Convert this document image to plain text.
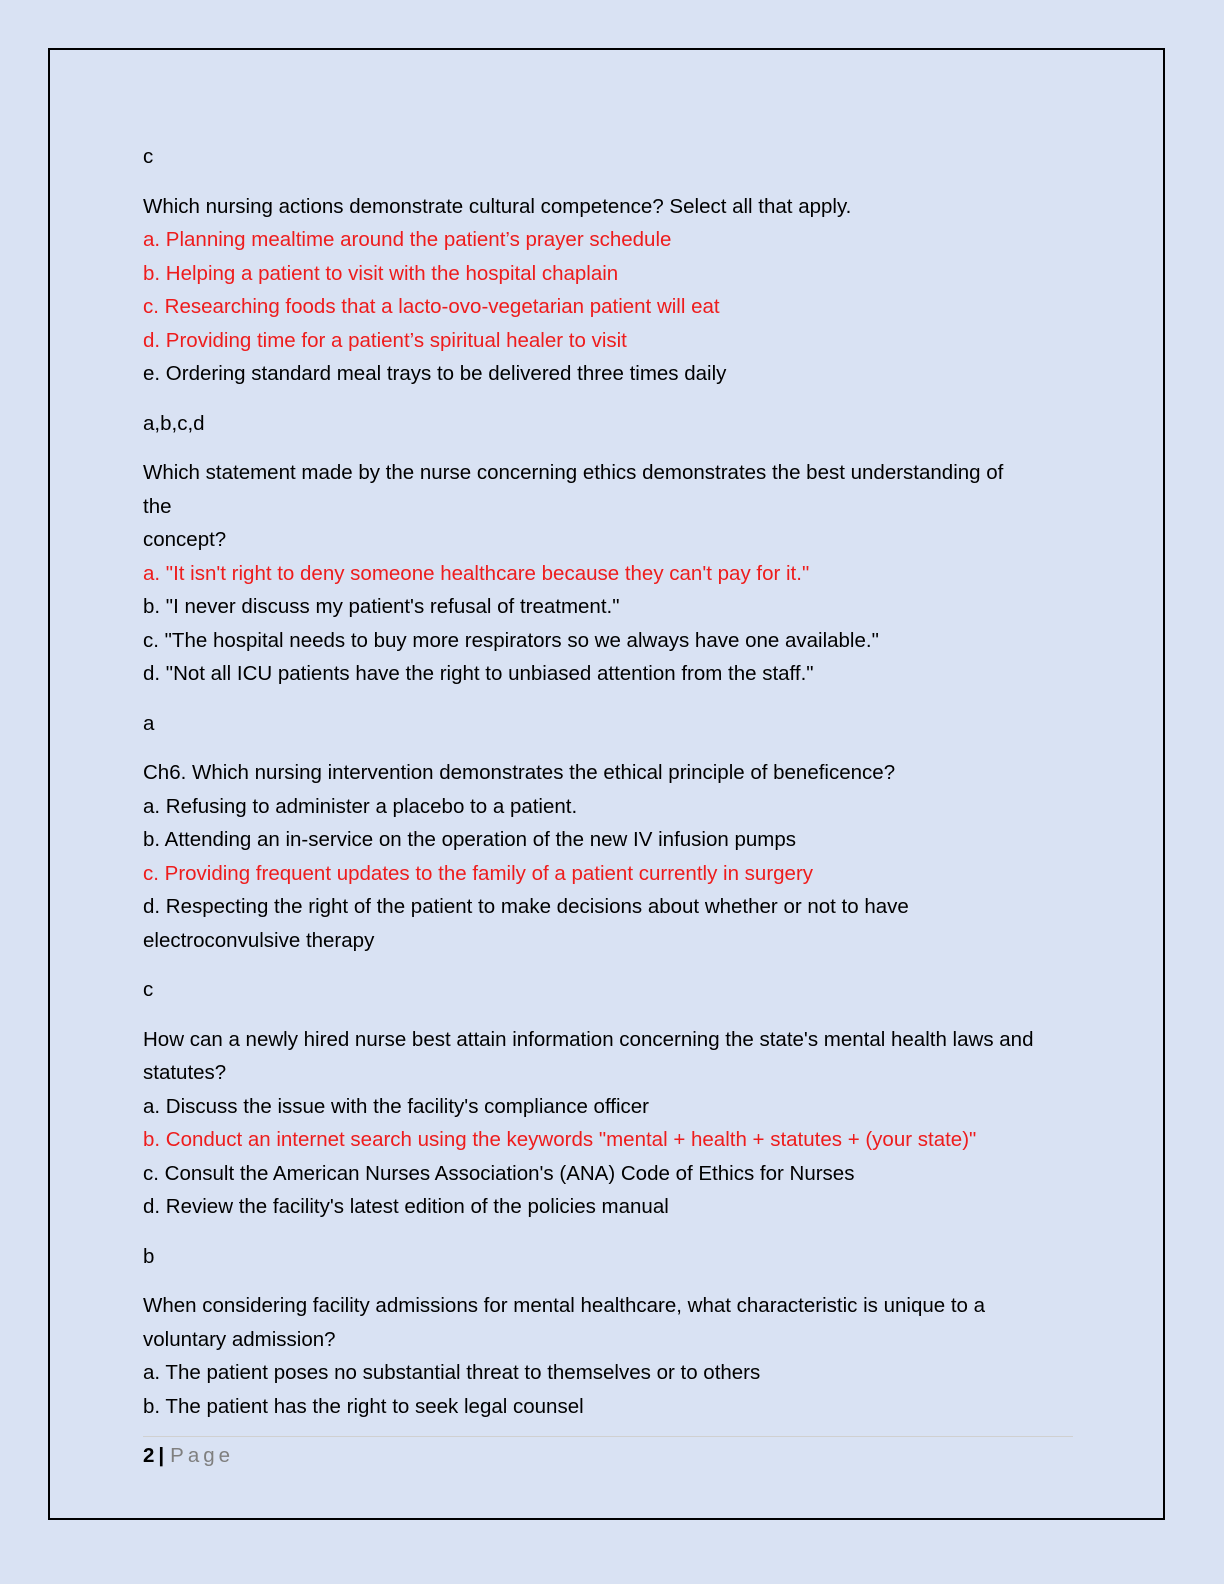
c

Which nursing actions demonstrate cultural competence? Select all that apply.

a. Planning mealtime around the patient’s prayer schedule

b. Helping a patient to visit with the hospital chaplain

c. Researching foods that a lacto-ovo-vegetarian patient will eat

d. Providing time for a patient’s spiritual healer to visit

e. Ordering standard meal trays to be delivered three times daily

a,b,c,d

Which statement made by the nurse concerning ethics demonstrates the best understanding of

the

concept?

a. "It isn't right to deny someone healthcare because they can't pay for it."

b. "I never discuss my patient's refusal of treatment."

c. "The hospital needs to buy more respirators so we always have one available."

d. "Not all ICU patients have the right to unbiased attention from the staff."

a

Ch6. Which nursing intervention demonstrates the ethical principle of beneficence?

a. Refusing to administer a placebo to a patient.

b. Attending an in-service on the operation of the new IV infusion pumps

c. Providing frequent updates to the family of a patient currently in surgery

d. Respecting the right of the patient to make decisions about whether or not to have electroconvulsive therapy

c

How can a newly hired nurse best attain information concerning the state's mental health laws and statutes?

a. Discuss the issue with the facility's compliance officer

b. Conduct an internet search using the keywords "mental + health + statutes + (your state)"

c. Consult the American Nurses Association's (ANA) Code of Ethics for Nurses

d. Review the facility's latest edition of the policies manual

b

When considering facility admissions for mental healthcare, what characteristic is unique to a voluntary admission?

a. The patient poses no substantial threat to themselves or to others

b. The patient has the right to seek legal counsel

2 | Page
